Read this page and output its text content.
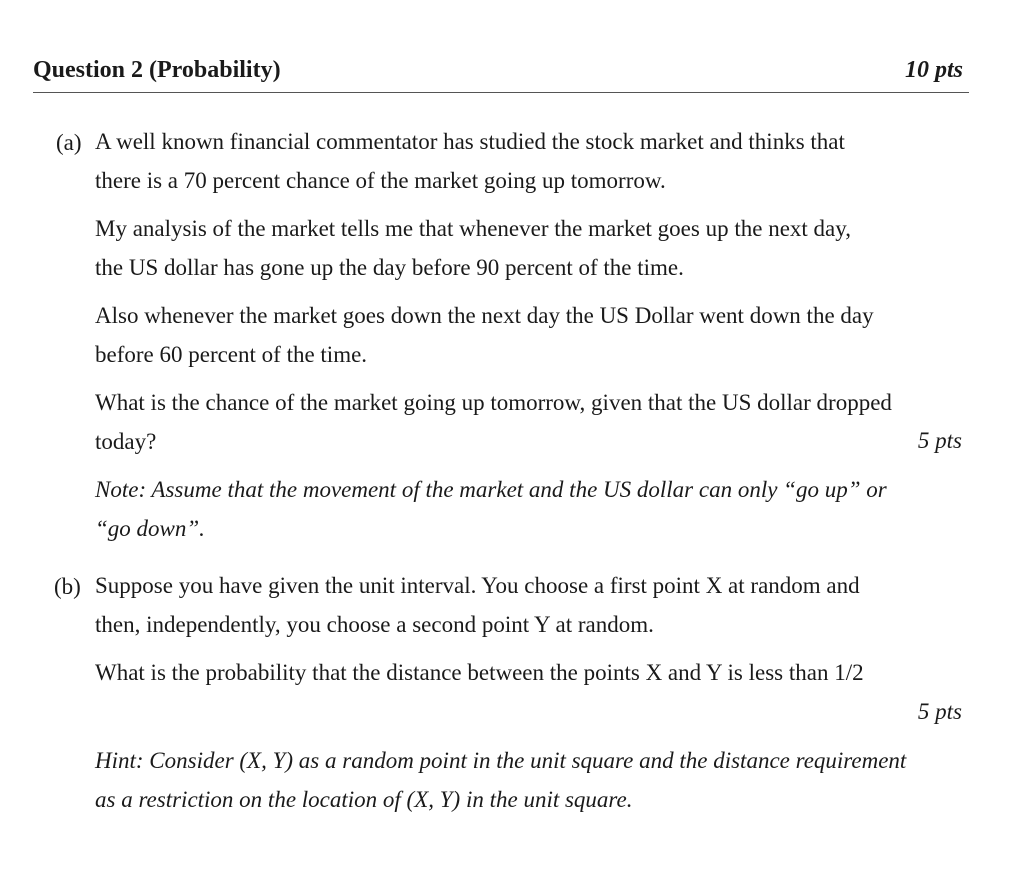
Question 2 (Probability)	10 pts
(a) A well known financial commentator has studied the stock market and thinks that
there is a 70 percent chance of the market going up tomorrow.
My analysis of the market tells me that whenever the market goes up the next day,
the US dollar has gone up the day before 90 percent of the time.
Also whenever the market goes down the next day the US Dollar went down the day
before 60 percent of the time.
What is the chance of the market going up tomorrow, given that the US dollar dropped
today?	5 pts
Note: Assume that the movement of the market and the US dollar can only “go up” or
“go down”.
(b) Suppose you have given the unit interval. You choose a first point X at random and
then, independently, you choose a second point Y at random.
What is the probability that the distance between the points X and Y is less than 1/2
5 pts
Hint: Consider (X, Y) as a random point in the unit square and the distance requirement
as a restriction on the location of (X, Y) in the unit square.
